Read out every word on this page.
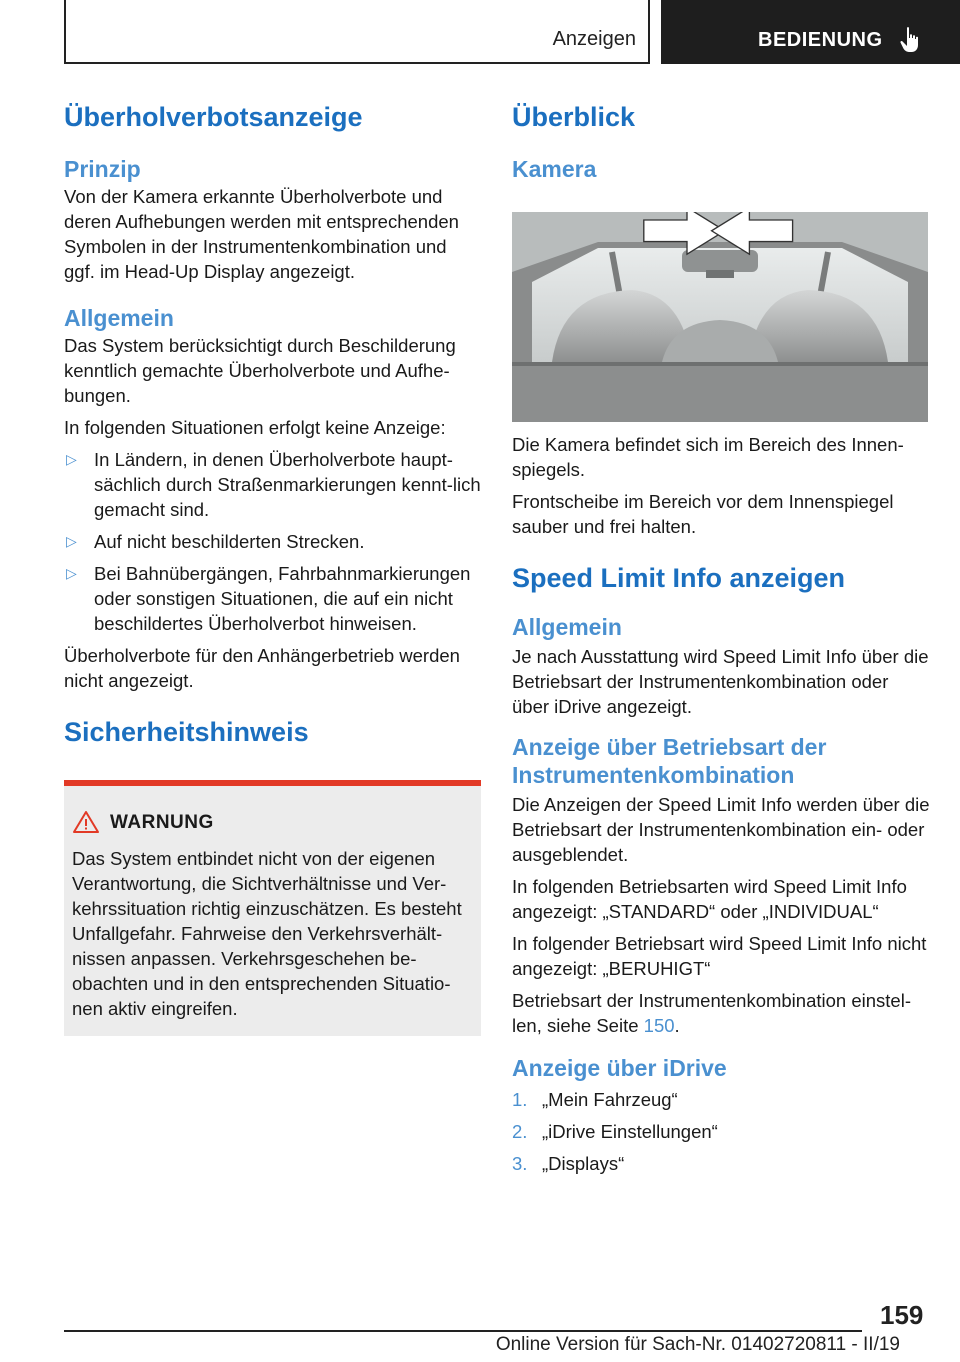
Anzeigen	BEDIENUNG
Überholverbotsanzeige
Prinzip
Von der Kamera erkannte Überholverbote und deren Aufhebungen werden mit entsprechenden Symbolen in der Instrumentenkombination und ggf. im Head-Up Display angezeigt.
Allgemein
Das System berücksichtigt durch Beschilderung kenntlich gemachte Überholverbote und Aufhe-bungen.
In folgenden Situationen erfolgt keine Anzeige:
▷ In Ländern, in denen Überholverbote haupt-sächlich durch Straßenmarkierungen kennt-lich gemacht sind.
▷ Auf nicht beschilderten Strecken.
▷ Bei Bahnübergängen, Fahrbahnmarkierungen oder sonstigen Situationen, die auf ein nicht beschildertes Überholverbot hinweisen.
Überholverbote für den Anhängerbetrieb werden nicht angezeigt.
Sicherheitshinweis
WARNUNG
Das System entbindet nicht von der eigenen Verantwortung, die Sichtverhältnisse und Ver-kehrssituation richtig einzuschätzen. Es besteht Unfallgefahr. Fahrweise den Verkehrsverhält-nissen anpassen. Verkehrsgeschehen be-obachten und in den entsprechenden Situatio-nen aktiv eingreifen.
Überblick
Kamera
Die Kamera befindet sich im Bereich des Innen-spiegels.
Frontscheibe im Bereich vor dem Innenspiegel sauber und frei halten.
Speed Limit Info anzeigen
Allgemein
Je nach Ausstattung wird Speed Limit Info über die Betriebsart der Instrumentenkombination oder über iDrive angezeigt.
Anzeige über Betriebsart der Instrumentenkombination
Die Anzeigen der Speed Limit Info werden über die Betriebsart der Instrumentenkombination ein- oder ausgeblendet.
In folgenden Betriebsarten wird Speed Limit Info angezeigt: „STANDARD“ oder „INDIVIDUAL“
In folgender Betriebsart wird Speed Limit Info nicht angezeigt: „BERUHIGT“
Betriebsart der Instrumentenkombination einstel-len, siehe Seite 150.
Anzeige über iDrive
1. „Mein Fahrzeug“
2. „iDrive Einstellungen“
3. „Displays“
159
Online Version für Sach-Nr. 01402720811 - II/19
